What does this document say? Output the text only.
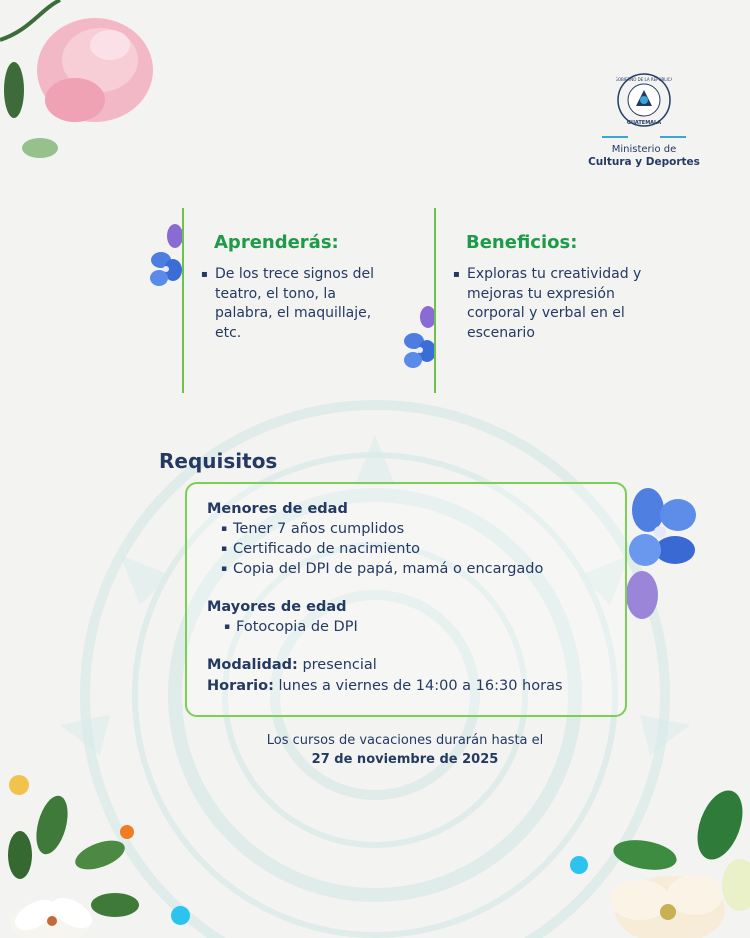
GOBIERNO DE LA REPÚBLICA
GUATEMALA
Ministerio de
Cultura y Deportes
Aprenderás:
▪ De los trece signos del teatro, el tono, la palabra, el maquillaje, etc.

Beneficios:
▪ Exploras tu creatividad y mejoras tu expresión corporal y verbal en el escenario

Requisitos
Menores de edad
▪ Tener 7 años cumplidos
▪ Certificado de nacimiento
▪ Copia del DPI de papá, mamá o encargado
Mayores de edad
▪ Fotocopia de DPI
Modalidad: presencial
Horario: lunes a viernes de 14:00 a 16:30 horas
Los cursos de vacaciones durarán hasta el
27 de noviembre de 2025
